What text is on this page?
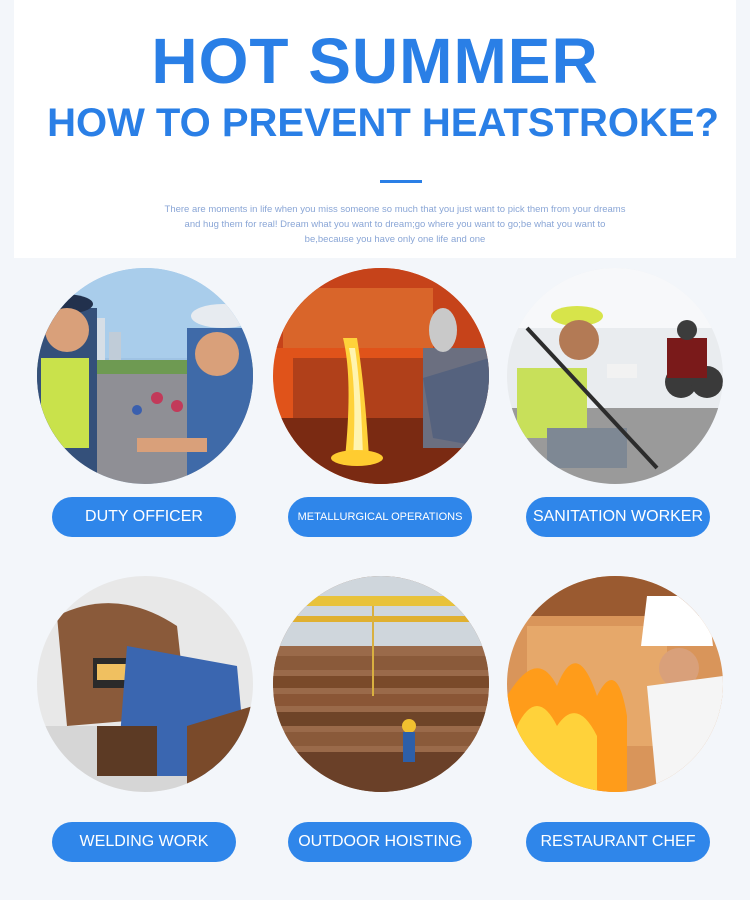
HOT SUMMER
HOW TO PREVENT HEATSTROKE?
There are moments in life when you miss someone so much that you just want to pick them from your dreams and hug them for real! Dream what you want to dream;go where you want to go;be what you want to be,because you have only one life and one
DUTY OFFICER	METALLURGICAL OPERATIONS	SANITATION WORKER
WELDING WORK	OUTDOOR HOISTING	RESTAURANT CHEF
